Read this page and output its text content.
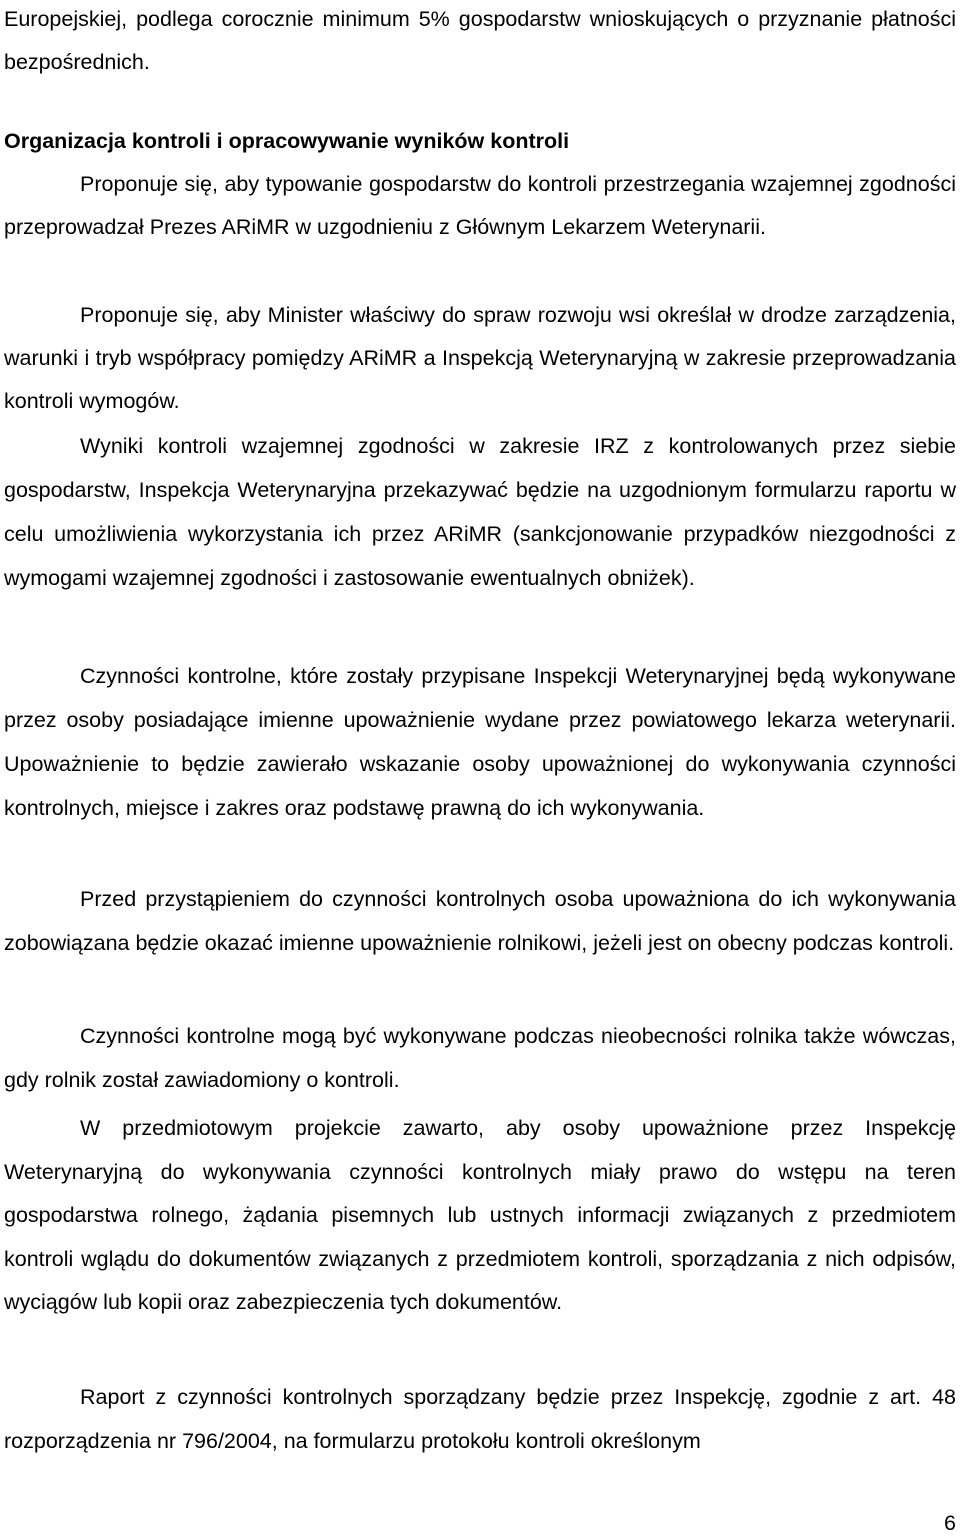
Europejskiej, podlega corocznie minimum 5% gospodarstw wnioskujących o przyznanie płatności bezpośrednich.

Organizacja kontroli i opracowywanie wyników kontroli

Proponuje się, aby typowanie gospodarstw do kontroli przestrzegania wzajemnej zgodności przeprowadzał Prezes ARiMR w uzgodnieniu z Głównym Lekarzem Weterynarii.

Proponuje się, aby Minister właściwy do spraw rozwoju wsi określał w drodze zarządzenia, warunki i tryb współpracy pomiędzy ARiMR a Inspekcją Weterynaryjną w zakresie przeprowadzania kontroli wymogów.

Wyniki kontroli wzajemnej zgodności w zakresie IRZ z kontrolowanych przez siebie gospodarstw, Inspekcja Weterynaryjna przekazywać będzie na uzgodnionym formularzu raportu w celu umożliwienia wykorzystania ich przez ARiMR (sankcjonowanie przypadków niezgodności z wymogami wzajemnej zgodności i zastosowanie ewentualnych obniżek).

Czynności kontrolne, które zostały przypisane Inspekcji Weterynaryjnej będą wykonywane przez osoby posiadające imienne upoważnienie wydane przez powiatowego lekarza weterynarii. Upoważnienie to będzie zawierało wskazanie osoby upoważnionej do wykonywania czynności kontrolnych, miejsce i zakres oraz podstawę prawną do ich wykonywania.

Przed przystąpieniem do czynności kontrolnych osoba upoważniona do ich wykonywania zobowiązana będzie okazać imienne upoważnienie rolnikowi, jeżeli jest on obecny podczas kontroli.

Czynności kontrolne mogą być wykonywane podczas nieobecności rolnika także wówczas, gdy rolnik został zawiadomiony o kontroli.

W przedmiotowym projekcie zawarto, aby osoby upoważnione przez Inspekcję Weterynaryjną do wykonywania czynności kontrolnych miały prawo do wstępu na teren gospodarstwa rolnego, żądania pisemnych lub ustnych informacji związanych z przedmiotem kontroli wglądu do dokumentów związanych z przedmiotem kontroli, sporządzania z nich odpisów, wyciągów lub kopii oraz zabezpieczenia tych dokumentów.

Raport z czynności kontrolnych sporządzany będzie przez Inspekcję, zgodnie z art. 48 rozporządzenia nr 796/2004, na formularzu protokołu kontroli określonym

6
